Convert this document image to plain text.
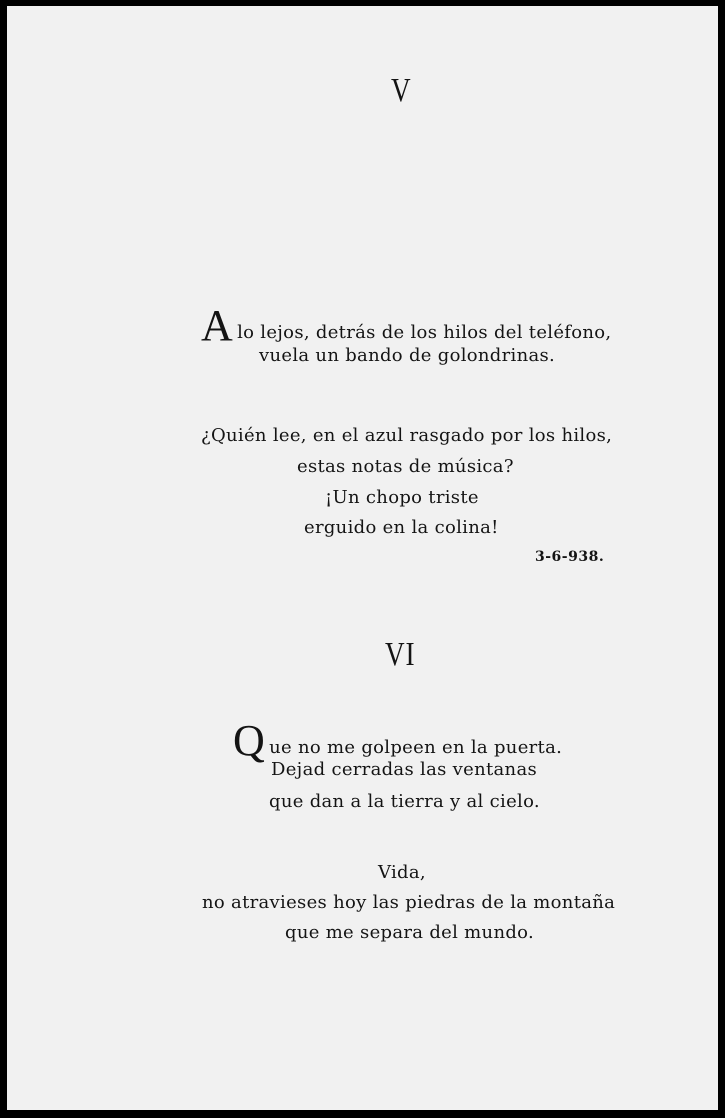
V
Alo lejos, detrás de los hilos del teléfono,
vuela un bando de golondrinas.
¿Quién lee, en el azul rasgado por los hilos,
estas notas de música?
¡Un chopo triste
erguido en la colina!
3-6-938.
VI
Que no me golpeen en la puerta.
Dejad cerradas las ventanas
que dan a la tierra y al cielo.
Vida,
no atravieses hoy las piedras de la montaña
que me separa del mundo.
